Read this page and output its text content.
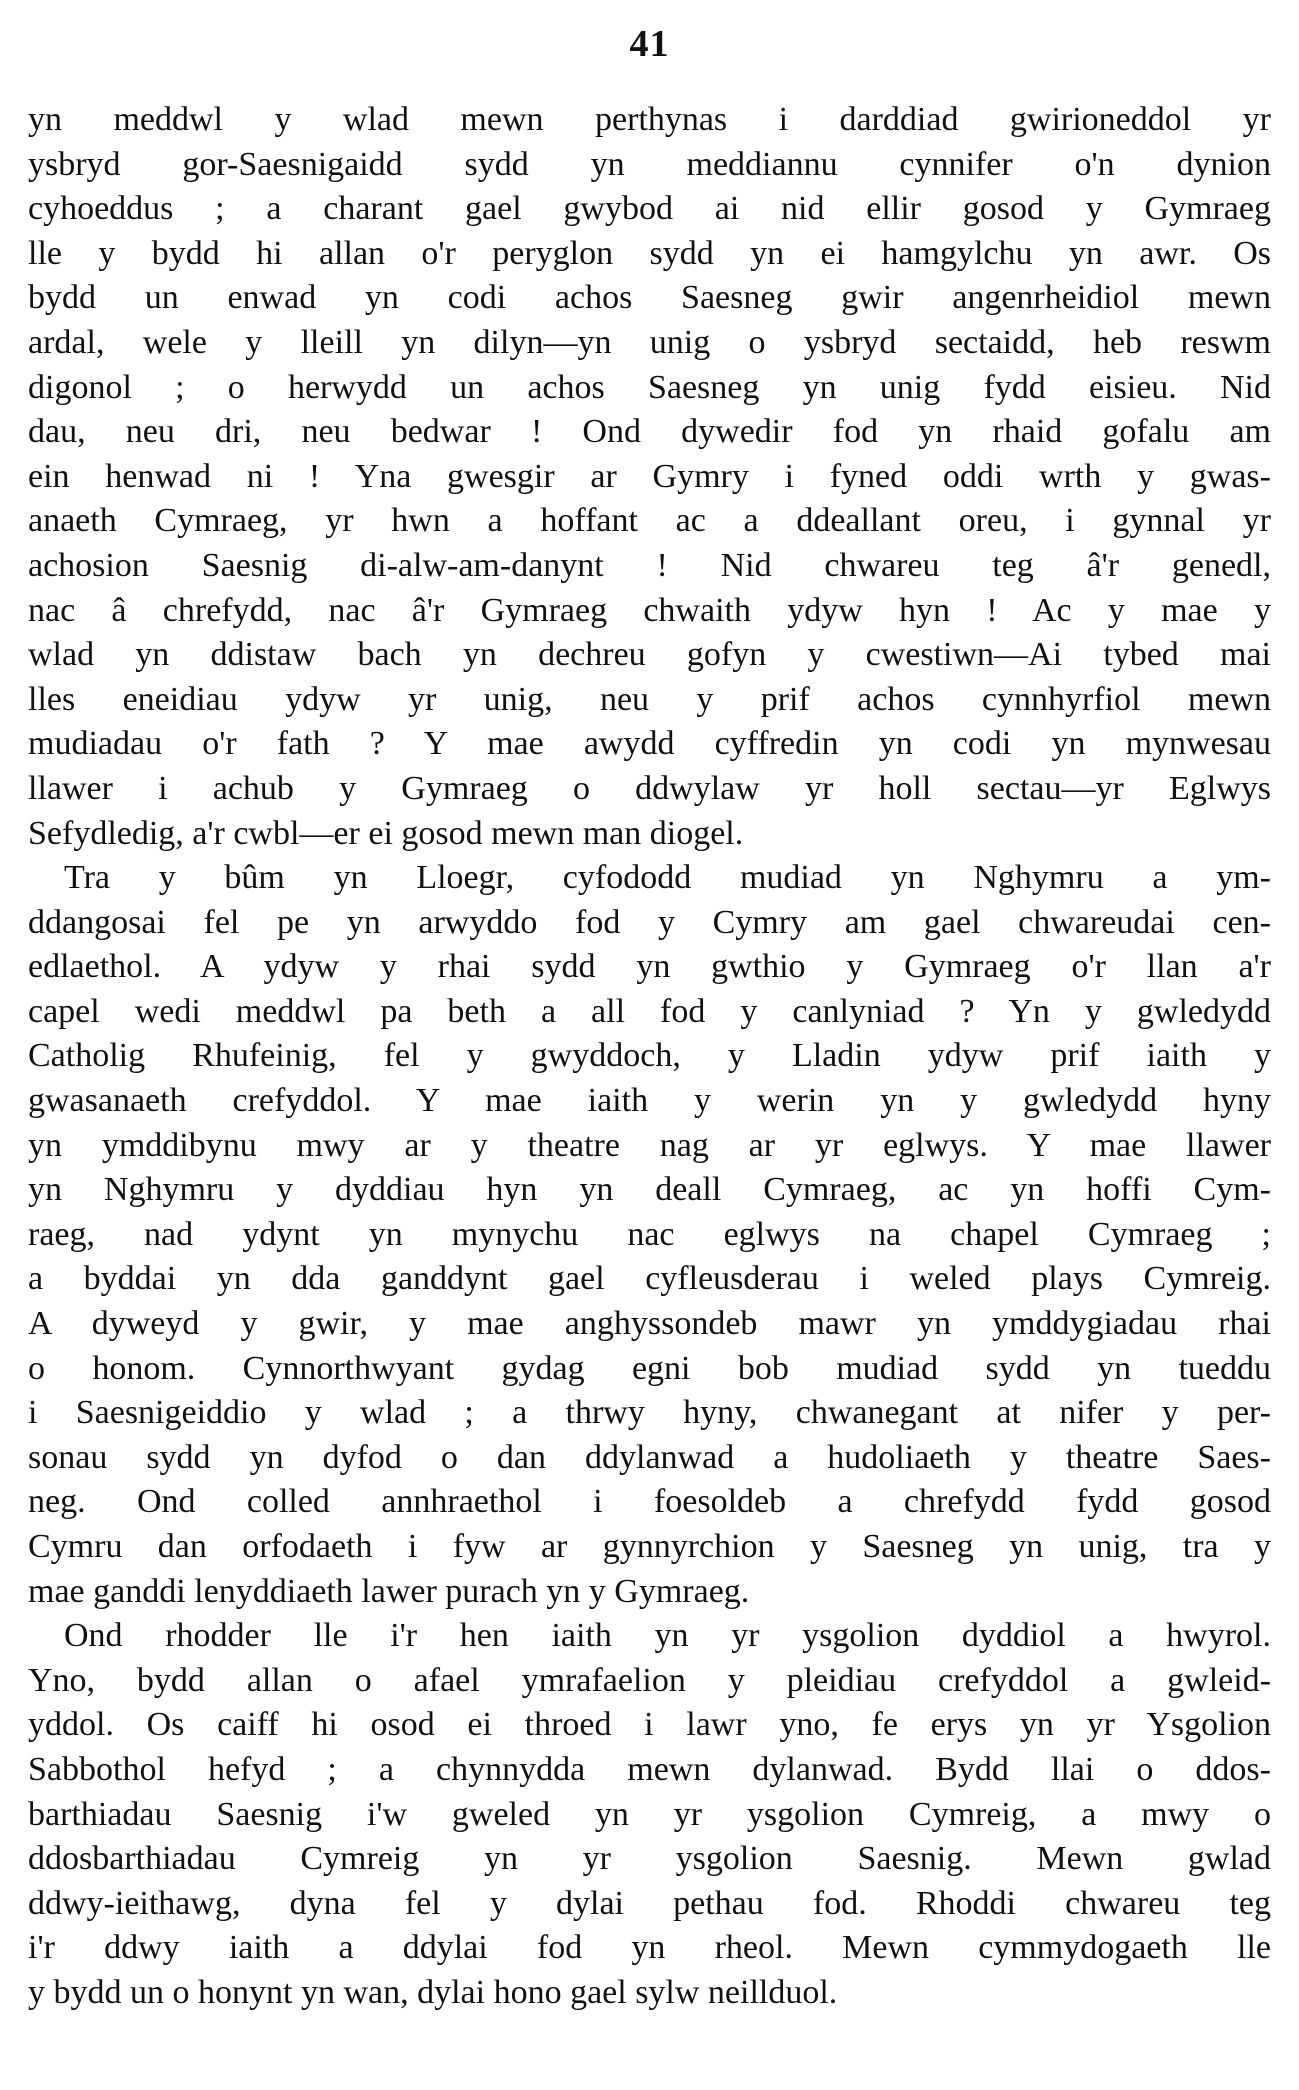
41
yn meddwl y wlad mewn perthynas i darddiad gwirioneddol yr
ysbryd gor-Saesnigaidd sydd yn meddiannu cynnifer o'n dynion
cyhoeddus ; a charant gael gwybod ai nid ellir gosod y Gymraeg
lle y bydd hi allan o'r peryglon sydd yn ei hamgylchu yn awr. Os
bydd un enwad yn codi achos Saesneg gwir angenrheidiol mewn
ardal, wele y lleill yn dilyn—yn unig o ysbryd sectaidd, heb reswm
digonol ; o herwydd un achos Saesneg yn unig fydd eisieu. Nid
dau, neu dri, neu bedwar ! Ond dywedir fod yn rhaid gofalu am
ein henwad ni ! Yna gwesgir ar Gymry i fyned oddi wrth y gwas-
anaeth Cymraeg, yr hwn a hoffant ac a ddeallant oreu, i gynnal yr
achosion Saesnig di-alw-am-danynt ! Nid chwareu teg â'r genedl,
nac â chrefydd, nac â'r Gymraeg chwaith ydyw hyn ! Ac y mae y
wlad yn ddistaw bach yn dechreu gofyn y cwestiwn—Ai tybed mai
lles eneidiau ydyw yr unig, neu y prif achos cynnhyrfiol mewn
mudiadau o'r fath ? Y mae awydd cyffredin yn codi yn mynwesau
llawer i achub y Gymraeg o ddwylaw yr holl sectau—yr Eglwys
Sefydledig, a'r cwbl—er ei gosod mewn man diogel.
Tra y bûm yn Lloegr, cyfododd mudiad yn Nghymru a ym-
ddangosai fel pe yn arwyddo fod y Cymry am gael chwareudai cen-
edlaethol. A ydyw y rhai sydd yn gwthio y Gymraeg o'r llan a'r
capel wedi meddwl pa beth a all fod y canlyniad ? Yn y gwledydd
Catholig Rhufeinig, fel y gwyddoch, y Lladin ydyw prif iaith y
gwasanaeth crefyddol. Y mae iaith y werin yn y gwledydd hyny
yn ymddibynu mwy ar y theatre nag ar yr eglwys. Y mae llawer
yn Nghymru y dyddiau hyn yn deall Cymraeg, ac yn hoffi Cym-
raeg, nad ydynt yn mynychu nac eglwys na chapel Cymraeg ;
a byddai yn dda ganddynt gael cyfleusderau i weled plays Cymreig.
A dyweyd y gwir, y mae anghyssondeb mawr yn ymddygiadau rhai
o honom. Cynnorthwyant gydag egni bob mudiad sydd yn tueddu
i Saesnigeiddio y wlad ; a thrwy hyny, chwanegant at nifer y per-
sonau sydd yn dyfod o dan ddylanwad a hudoliaeth y theatre Saes-
neg. Ond colled annhraethol i foesoldeb a chrefydd fydd gosod
Cymru dan orfodaeth i fyw ar gynnyrchion y Saesneg yn unig, tra y
mae ganddi lenyddiaeth lawer purach yn y Gymraeg.
Ond rhodder lle i'r hen iaith yn yr ysgolion dyddiol a hwyrol.
Yno, bydd allan o afael ymrafaelion y pleidiau crefyddol a gwleid-
yddol. Os caiff hi osod ei throed i lawr yno, fe erys yn yr Ysgolion
Sabbothol hefyd ; a chynnydda mewn dylanwad. Bydd llai o ddos-
barthiadau Saesnig i'w gweled yn yr ysgolion Cymreig, a mwy o
ddosbarthiadau Cymreig yn yr ysgolion Saesnig. Mewn gwlad
ddwy-ieithawg, dyna fel y dylai pethau fod. Rhoddi chwareu teg
i'r ddwy iaith a ddylai fod yn rheol. Mewn cymmydogaeth lle
y bydd un o honynt yn wan, dylai hono gael sylw neillduol.
